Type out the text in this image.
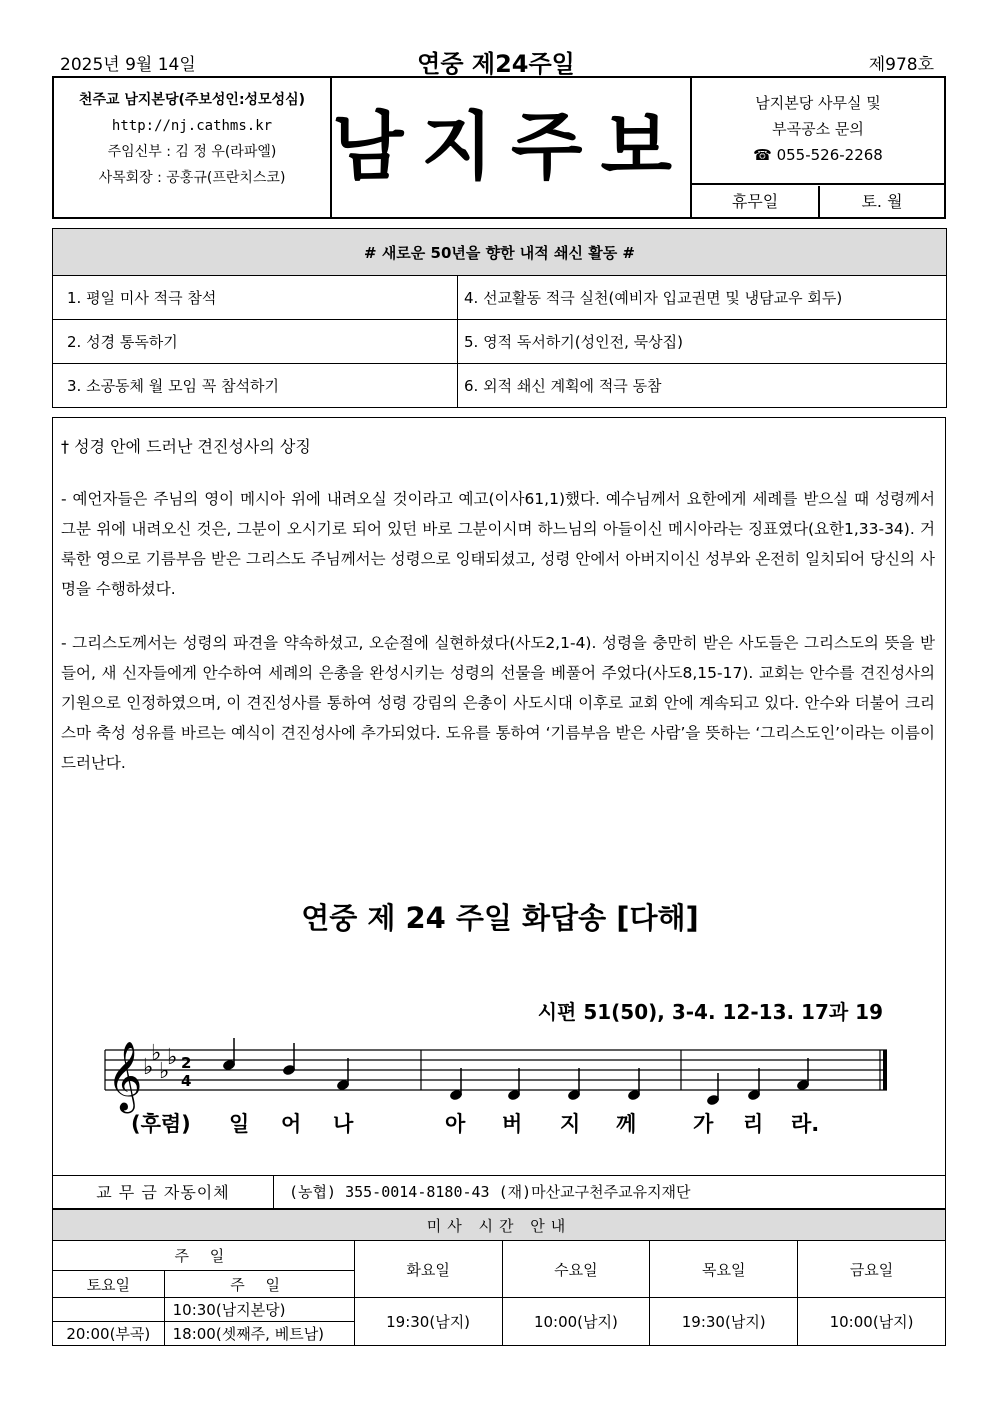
2025년 9월 14일	연중 제24주일	제978호
천주교 남지본당(주보성인:성모성심)
http://nj.cathms.kr
주임신부 : 김 정 우(라파엘)
사목회장 : 공홍규(프란치스코) 남지주보
남지본당 사무실 및
부곡공소 문의
☎ 055-526-2268
휴무일	토. 월
# 새로운 50년을 향한 내적 쇄신 활동 #	
1. 평일 미사 적극 참석	4. 선교활동 적극 실천(예비자 입교권면 및 냉담교우 회두)
2. 성경 통독하기	5. 영적 독서하기(성인전, 묵상집)
3. 소공동체 월 모임 꼭 참석하기	6. 외적 쇄신 계획에 적극 동참
† 성경 안에 드러난 견진성사의 상징
- 예언자들은 주님의 영이 메시아 위에 내려오실 것이라고 예고(이사61,1)했다. 예수님께서 요한에게 세례를 받으실 때 성령께서 그분 위에 내려오신 것은, 그분이 오시기로 되어 있던 바로 그분이시며 하느님의 아들이신 메시아라는 징표였다(요한1,33-34). 거룩한 영으로 기름부음 받은 그리스도 주님께서는 성령으로 잉태되셨고, 성령 안에서 아버지이신 성부와 온전히 일치되어 당신의 사명을 수행하셨다.
- 그리스도께서는 성령의 파견을 약속하셨고, 오순절에 실현하셨다(사도2,1-4). 성령을 충만히 받은 사도들은 그리스도의 뜻을 받들어, 새 신자들에게 안수하여 세례의 은총을 완성시키는 성령의 선물을 베풀어 주었다(사도8,15-17). 교회는 안수를 견진성사의 기원으로 인정하였으며, 이 견진성사를 통하여 성령 강림의 은총이 사도시대 이후로 교회 안에 계속되고 있다. 안수와 더불어 크리스마 축성 성유를 바르는 예식이 견진성사에 추가되었다. 도유를 통하여 ‘기름부음 받은 사람’을 뜻하는 ‘그리스도인’이라는 이름이 드러난다.
연중 제 24 주일 화답송 [다해]
시편 51(50), 3-4. 12-13. 17과 19
𝄞 ♭
♭
♭
♭ 2
4
(후렴) 일 어 나	아 버 지 께	가 리 라.
교 무 금 자동이체	(농협) 355-0014-8180-43 (재)마산교구천주교유지재단
미사 시간 안내					
주 일		화요일	수요일	목요일	금요일
토요일	주 일				
	10:30(남지본당)	19:30(남지)	10:00(남지)	19:30(남지)	10:00(남지)
20:00(부곡)	18:00(셋째주, 베트남)				
